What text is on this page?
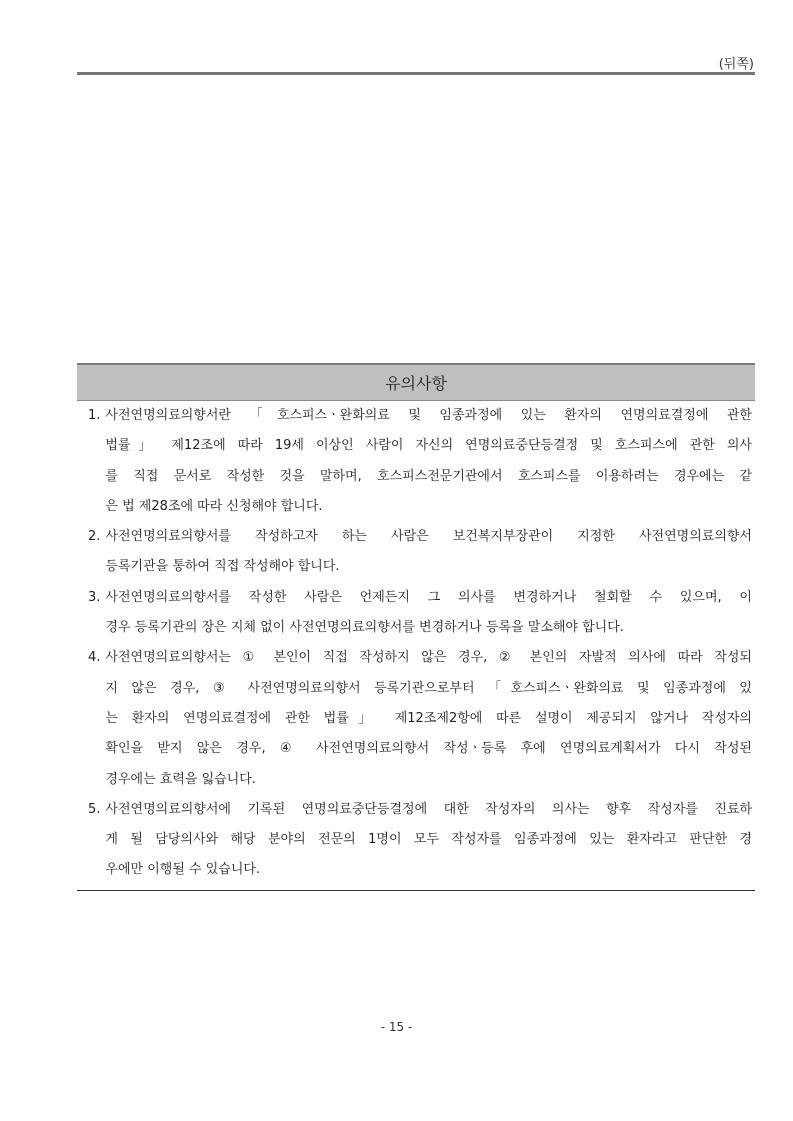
(뒤쪽)
유의사항
1. 사전연명의료의향서란 「호스피스ㆍ완화의료 및 임종과정에 있는 환자의 연명의료결정에 관한
법률」 제12조에 따라 19세 이상인 사람이 자신의 연명의료중단등결정 및 호스피스에 관한 의사
를 직접 문서로 작성한 것을 말하며, 호스피스전문기관에서 호스피스를 이용하려는 경우에는 같
은 법 제28조에 따라 신청해야 합니다.
2. 사전연명의료의향서를 작성하고자 하는 사람은 보건복지부장관이 지정한 사전연명의료의향서
등록기관을 통하여 직접 작성해야 합니다.
3. 사전연명의료의향서를 작성한 사람은 언제든지 그 의사를 변경하거나 철회할 수 있으며, 이
경우 등록기관의 장은 지체 없이 사전연명의료의향서를 변경하거나 등록을 말소해야 합니다.
4. 사전연명의료의향서는 ① 본인이 직접 작성하지 않은 경우, ② 본인의 자발적 의사에 따라 작성되
지 않은 경우, ③ 사전연명의료의향서 등록기관으로부터 「호스피스ㆍ완화의료 및 임종과정에 있
는 환자의 연명의료결정에 관한 법률」 제12조제2항에 따른 설명이 제공되지 않거나 작성자의
확인을 받지 않은 경우, ④ 사전연명의료의향서 작성ㆍ등록 후에 연명의료계획서가 다시 작성된
경우에는 효력을 잃습니다.
5. 사전연명의료의향서에 기록된 연명의료중단등결정에 대한 작성자의 의사는 향후 작성자를 진료하
게 될 담당의사와 해당 분야의 전문의 1명이 모두 작성자를 임종과정에 있는 환자라고 판단한 경
우에만 이행될 수 있습니다.
- 15 -
